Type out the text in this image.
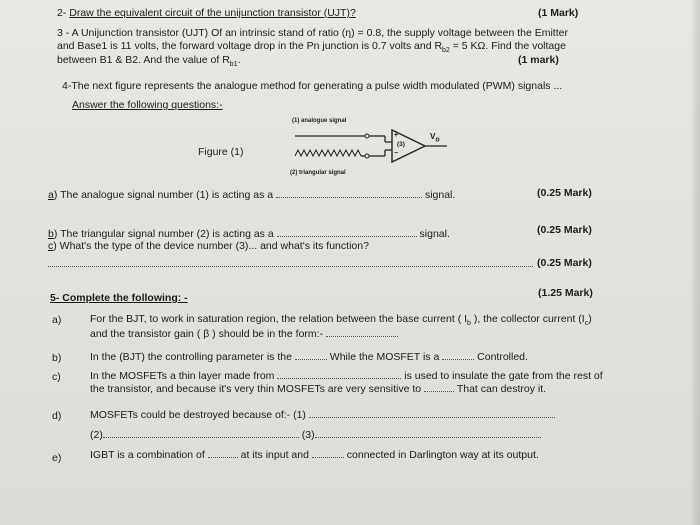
2- Draw the equivalent circuit of the unijunction transistor (UJT)?	(1 Mark)
3 - A Unijunction transistor (UJT) Of an intrinsic stand of ratio (η) = 0.8, the supply voltage between the Emitter
and Base1 is 11 volts, the forward voltage drop in the Pn junction is 0.7 volts and $R_{b2} = 5$ KΩ. Find the voltage
between B1 & B2. And the value of $R_{b1}$.	(1 mark)
4-The next figure represents the analogue method for generating a pulse width modulated (PWM) signals ...
Answer the following questions:-
Figure (1)
(1) analogue signal
(2) triangular signal
+
−
(3)
$V_o$
a) The analogue signal number (1) is acting as a	signal.	(0.25 Mark)
b) The triangular signal number (2) is acting as a	signal.	(0.25 Mark)
c) What's the type of the device number (3)... and what's its function?
(0.25 Mark)
5- Complete the following: -	(1.25 Mark)
a)	For the BJT, to work in saturation region, the relation between the base current ( $I_b$ ), the collector current $(I_c)$
and the transistor gain ( β ) should be in the form:-
b)	In the (BJT) the controlling parameter is the	While the MOSFET is a	Controlled.
c)	In the MOSFETs a thin layer made from	is used to insulate the gate from the rest of
the transistor, and because it's very thin MOSFETs are very sensitive to	That can destroy it.
d)	MOSFETs could be destroyed because of:- (1)
(2)	(3)
e)	IGBT is a combination of	at its input and	connected in Darlington way at its output.
